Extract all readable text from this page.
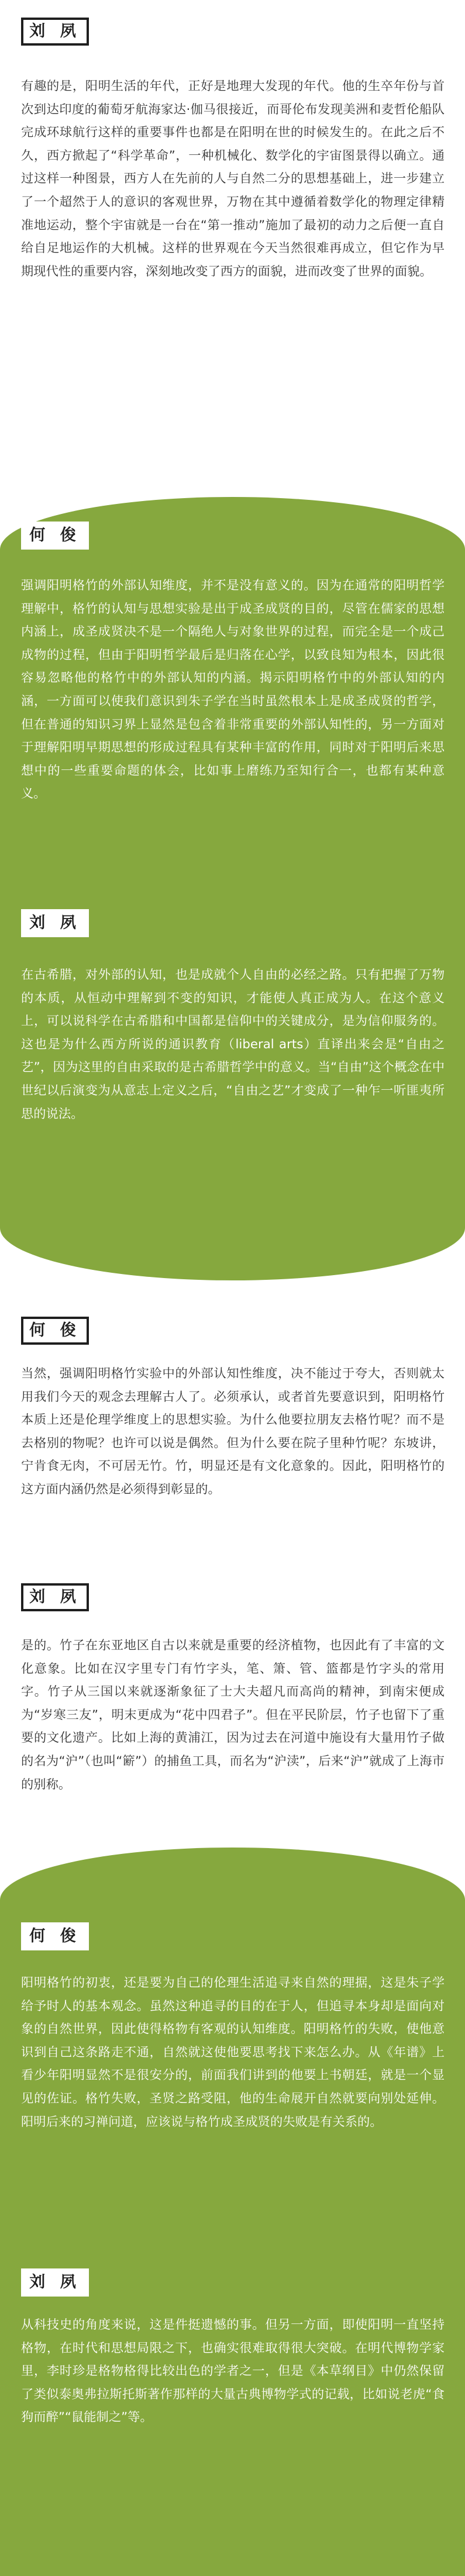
刘 夙

有趣的是，阳明生活的年代，正好是地理大发现的年代。他的生卒年份与首次到达印度的葡萄牙航海家达·伽马很接近，而哥伦布发现美洲和麦哲伦船队完成环球航行这样的重要事件也都是在阳明在世的时候发生的。在此之后不久，西方掀起了“科学革命”，一种机械化、数学化的宇宙图景得以确立。通过这样一种图景，西方人在先前的人与自然二分的思想基础上，进一步建立了一个超然于人的意识的客观世界，万物在其中遵循着数学化的物理定律精准地运动，整个宇宙就是一台在“第一推动”施加了最初的动力之后便一直自给自足地运作的大机械。这样的世界观在今天当然很难再成立，但它作为早期现代性的重要内容，深刻地改变了西方的面貌，进而改变了世界的面貌。

何 俊

强调阳明格竹的外部认知维度，并不是没有意义的。因为在通常的阳明哲学理解中，格竹的认知与思想实验是出于成圣成贤的目的，尽管在儒家的思想内涵上，成圣成贤决不是一个隔绝人与对象世界的过程，而完全是一个成己成物的过程，但由于阳明哲学最后是归落在心学，以致良知为根本，因此很容易忽略他的格竹中的外部认知的内涵。揭示阳明格竹中的外部认知的内涵，一方面可以使我们意识到朱子学在当时虽然根本上是成圣成贤的哲学，但在普通的知识习界上显然是包含着非常重要的外部认知性的，另一方面对于理解阳明早期思想的形成过程具有某种丰富的作用，同时对于阳明后来思想中的一些重要命题的体会，比如事上磨练乃至知行合一，也都有某种意义。

刘 夙

在古希腊，对外部的认知，也是成就个人自由的必经之路。只有把握了万物的本质，从恒动中理解到不变的知识，才能使人真正成为人。在这个意义上，可以说科学在古希腊和中国都是信仰中的关键成分，是为信仰服务的。这也是为什么西方所说的通识教育（liberal arts）直译出来会是“自由之艺”，因为这里的自由采取的是古希腊哲学中的意义。当“自由”这个概念在中世纪以后演变为从意志上定义之后，“自由之艺”才变成了一种乍一听匪夷所思的说法。

何 俊

当然，强调阳明格竹实验中的外部认知性维度，决不能过于夸大，否则就太用我们今天的观念去理解古人了。必须承认，或者首先要意识到，阳明格竹本质上还是伦理学维度上的思想实验。为什么他要拉朋友去格竹呢？而不是去格别的物呢？也许可以说是偶然。但为什么要在院子里种竹呢？东坡讲，宁肯食无肉，不可居无竹。竹，明显还是有文化意象的。因此，阳明格竹的这方面内涵仍然是必须得到彰显的。

刘 夙

是的。竹子在东亚地区自古以来就是重要的经济植物，也因此有了丰富的文化意象。比如在汉字里专门有竹字头，笔、箫、管、篮都是竹字头的常用字。竹子从三国以来就逐渐象征了士大夫超凡而高尚的精神，到南宋便成为“岁寒三友”，明末更成为“花中四君子”。但在平民阶层，竹子也留下了重要的文化遗产。比如上海的黄浦江，因为过去在河道中施设有大量用竹子做的名为“沪”（也叫“簖”）的捕鱼工具，而名为“沪渎”，后来“沪”就成了上海市的别称。

何 俊

阳明格竹的初衷，还是要为自己的伦理生活追寻来自然的理据，这是朱子学给予时人的基本观念。虽然这种追寻的目的在于人，但追寻本身却是面向对象的自然世界，因此使得格物有客观的认知维度。阳明格竹的失败，使他意识到自己这条路走不通，自然就这使他要思考找下来怎么办。从《年谱》上看少年阳明显然不是很安分的，前面我们讲到的他要上书朝廷，就是一个显见的佐证。格竹失败，圣贤之路受阻，他的生命展开自然就要向别处延伸。阳明后来的习禅问道，应该说与格竹成圣成贤的失败是有关系的。

刘 夙

从科技史的角度来说，这是件挺遗憾的事。但另一方面，即使阳明一直坚持格物，在时代和思想局限之下，也确实很难取得很大突破。在明代博物学家里，李时珍是格物格得比较出色的学者之一，但是《本草纲目》中仍然保留了类似泰奥弗拉斯托斯著作那样的大量古典博物学式的记载，比如说老虎“食狗而醉”“鼠能制之”等。
